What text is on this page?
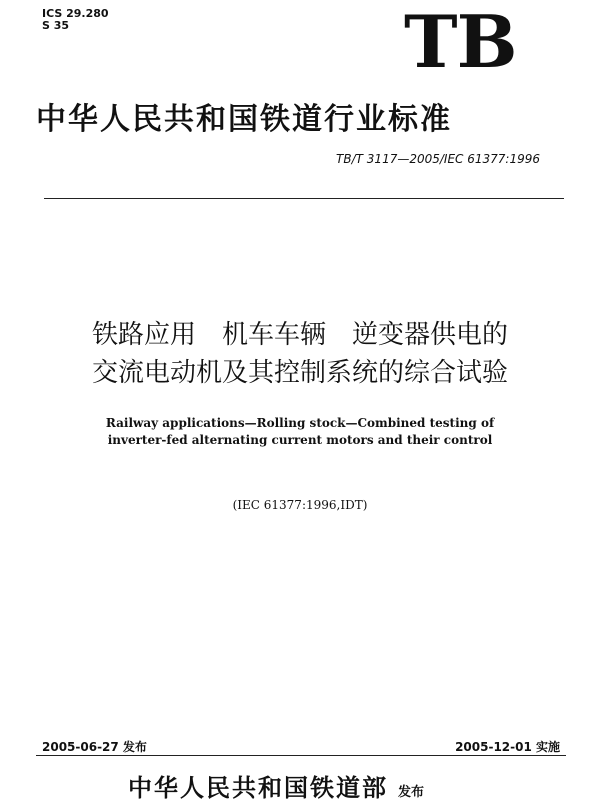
ICS 29.280
S 35	TB
中华人民共和国铁道行业标准
TB/T 3117—2005/IEC 61377:1996
铁路应用　机车车辆　逆变器供电的
交流电动机及其控制系统的综合试验
Railway applications—Rolling stock—Combined testing of
inverter-fed alternating current motors and their control
(IEC 61377:1996,IDT)
2005-06-27 发布	2005-12-01 实施
中华人民共和国铁道部 发布
